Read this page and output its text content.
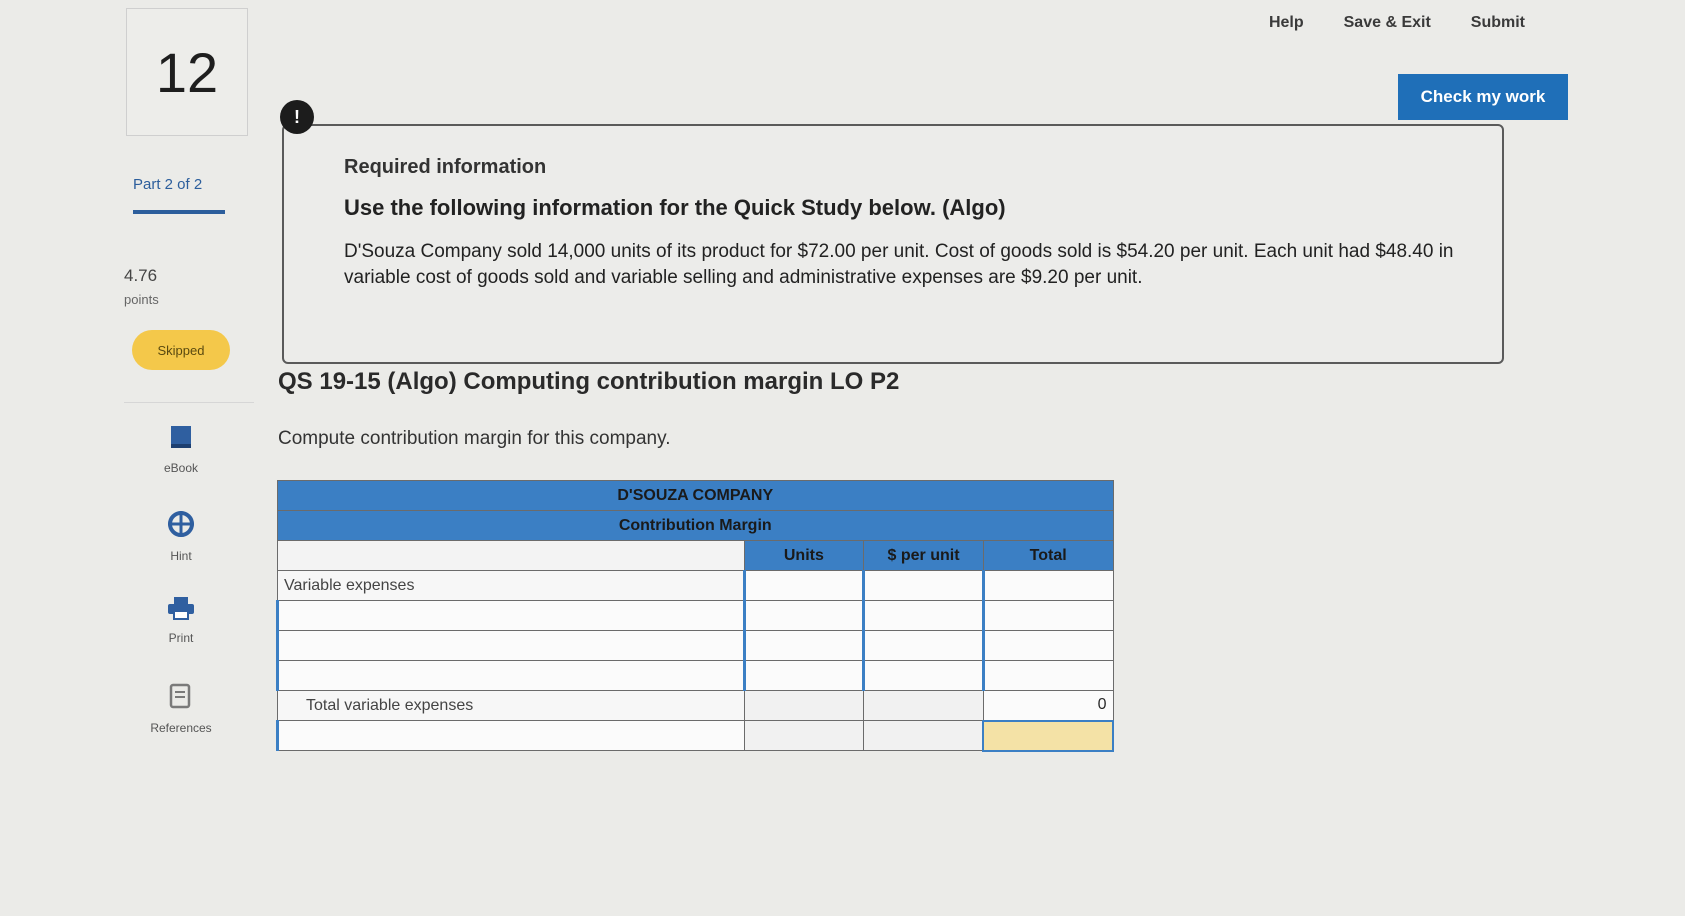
Help	Save & Exit	Submit
Check my work
12
Part 2 of 2
4.76
points
Skipped
eBook
Hint
Print
References
!
Required information
Use the following information for the Quick Study below. (Algo)
D'Souza Company sold 14,000 units of its product for $72.00 per unit. Cost of goods sold is $54.20 per unit. Each unit had $48.40 in variable cost of goods sold and variable selling and administrative expenses are $9.20 per unit.
QS 19-15 (Algo) Computing contribution margin LO P2
Compute contribution margin for this company.
D'SOUZA COMPANY			
Contribution Margin			
	Units	$ per unit	Total
Variable expenses			

Total variable expenses			0
